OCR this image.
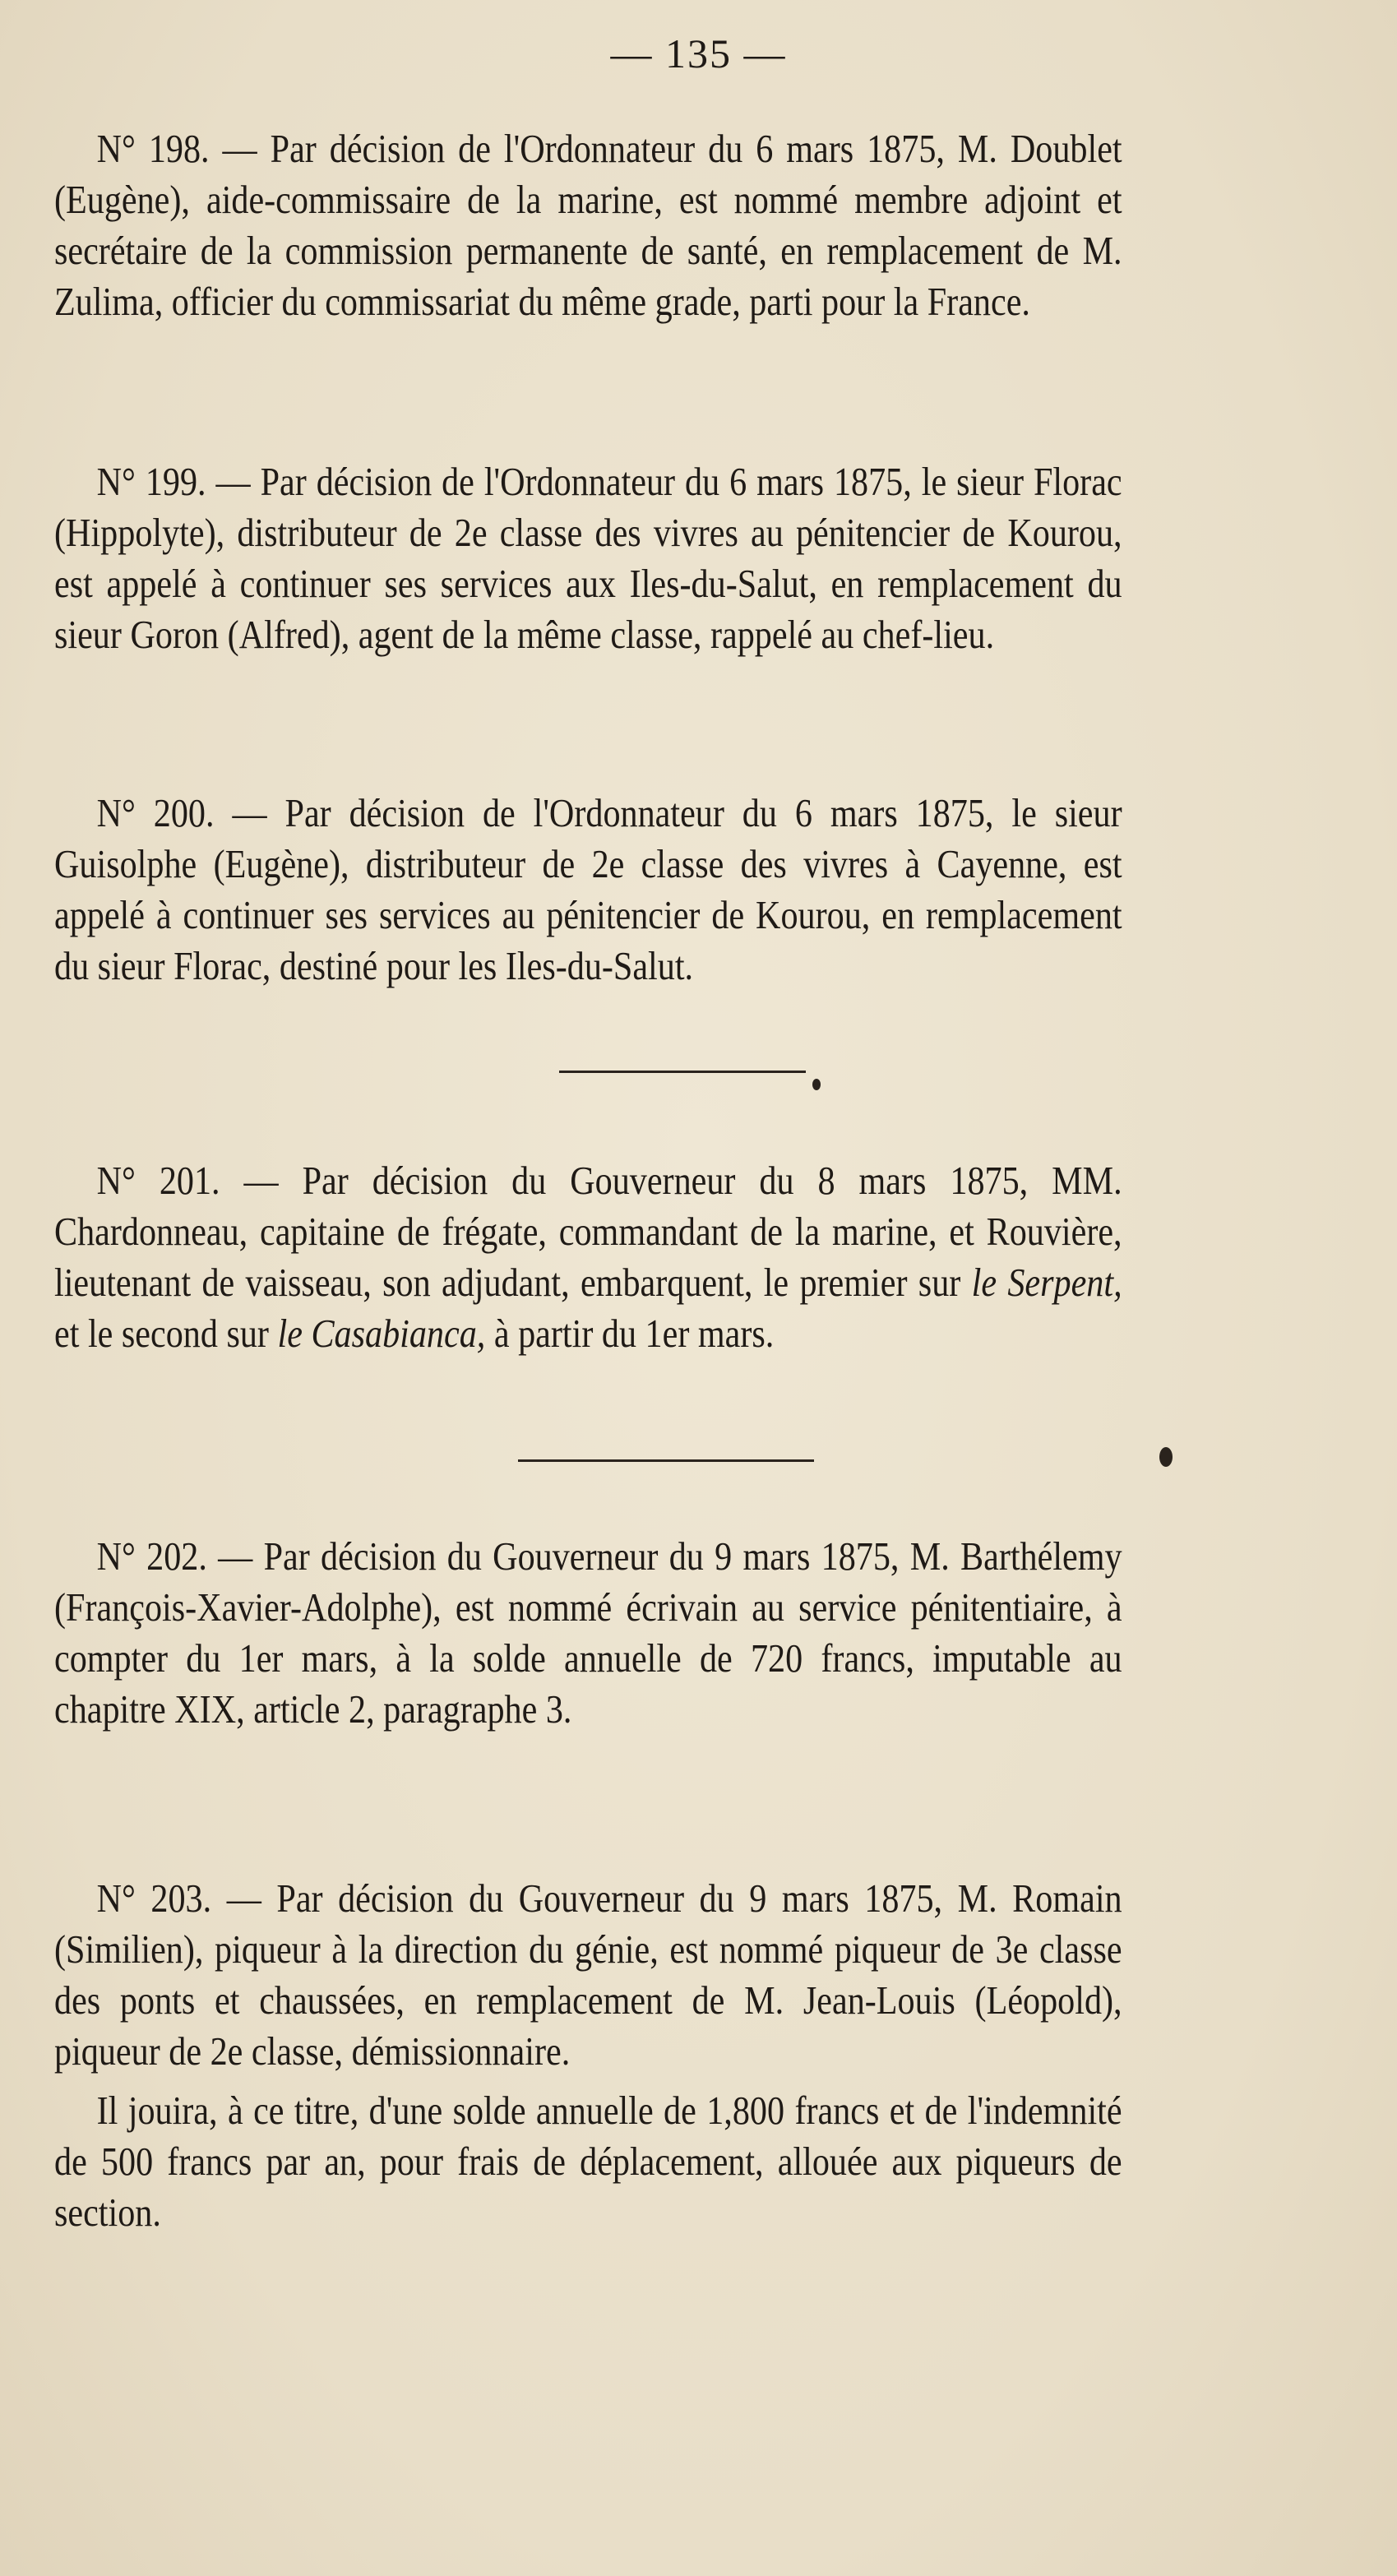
— 135 —

N° 198. — Par décision de l'Ordonnateur du 6 mars 1875, M. Doublet (Eugène), aide-commissaire de la marine, est nommé membre adjoint et secrétaire de la commission permanente de santé, en remplacement de M. Zulima, officier du commissariat du même grade, parti pour la France.

N° 199. — Par décision de l'Ordonnateur du 6 mars 1875, le sieur Florac (Hippolyte), distributeur de 2e classe des vivres au pénitencier de Kourou, est appelé à continuer ses services aux Iles-du-Salut, en remplacement du sieur Goron (Alfred), agent de la même classe, rappelé au chef-lieu.

N° 200. — Par décision de l'Ordonnateur du 6 mars 1875, le sieur Guisolphe (Eugène), distributeur de 2e classe des vivres à Cayenne, est appelé à continuer ses services au pénitencier de Kourou, en remplacement du sieur Florac, destiné pour les Iles-du-Salut.

N° 201. — Par décision du Gouverneur du 8 mars 1875, MM. Chardonneau, capitaine de frégate, commandant de la marine, et Rouvière, lieutenant de vaisseau, son adjudant, embarquent, le premier sur le Serpent, et le second sur le Casabianca, à partir du 1er mars.

N° 202. — Par décision du Gouverneur du 9 mars 1875, M. Barthélemy (François-Xavier-Adolphe), est nommé écrivain au service pénitentiaire, à compter du 1er mars, à la solde annuelle de 720 francs, imputable au chapitre XIX, article 2, paragraphe 3.

N° 203. — Par décision du Gouverneur du 9 mars 1875, M. Romain (Similien), piqueur à la direction du génie, est nommé piqueur de 3e classe des ponts et chaussées, en remplacement de M. Jean-Louis (Léopold), piqueur de 2e classe, démissionnaire.

Il jouira, à ce titre, d'une solde annuelle de 1,800 francs et de l'indemnité de 500 francs par an, pour frais de déplacement, allouée aux piqueurs de section.
